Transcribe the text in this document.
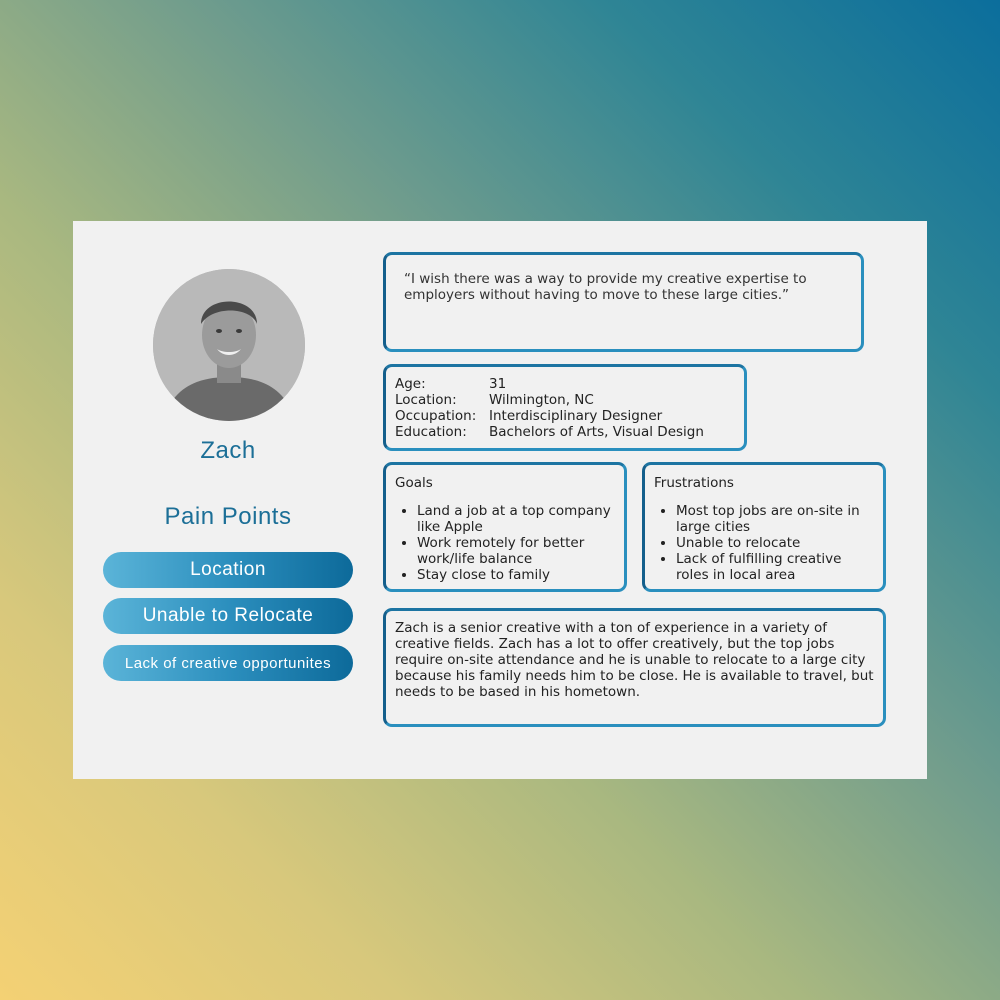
Zach
Pain Points
Location
Unable to Relocate
Lack of creative opportunites
“I wish there was a way to provide my creative expertise to employers without having to move to these large cities.”
Age:	31
Location:	Wilmington, NC
Occupation: Interdisciplinary Designer
Education:	Bachelors of Arts, Visual Design
Goals
• Land a job at a top company like Apple
• Work remotely for better work/life balance
• Stay close to family
Frustrations
• Most top jobs are on-site in large cities
• Unable to relocate
• Lack of fulfilling creative roles in local area
Zach is a senior creative with a ton of experience in a variety of creative fields. Zach has a lot to offer creatively, but the top jobs require on-site attendance and he is unable to relocate to a large city because his family needs him to be close. He is available to travel, but needs to be based in his hometown.
